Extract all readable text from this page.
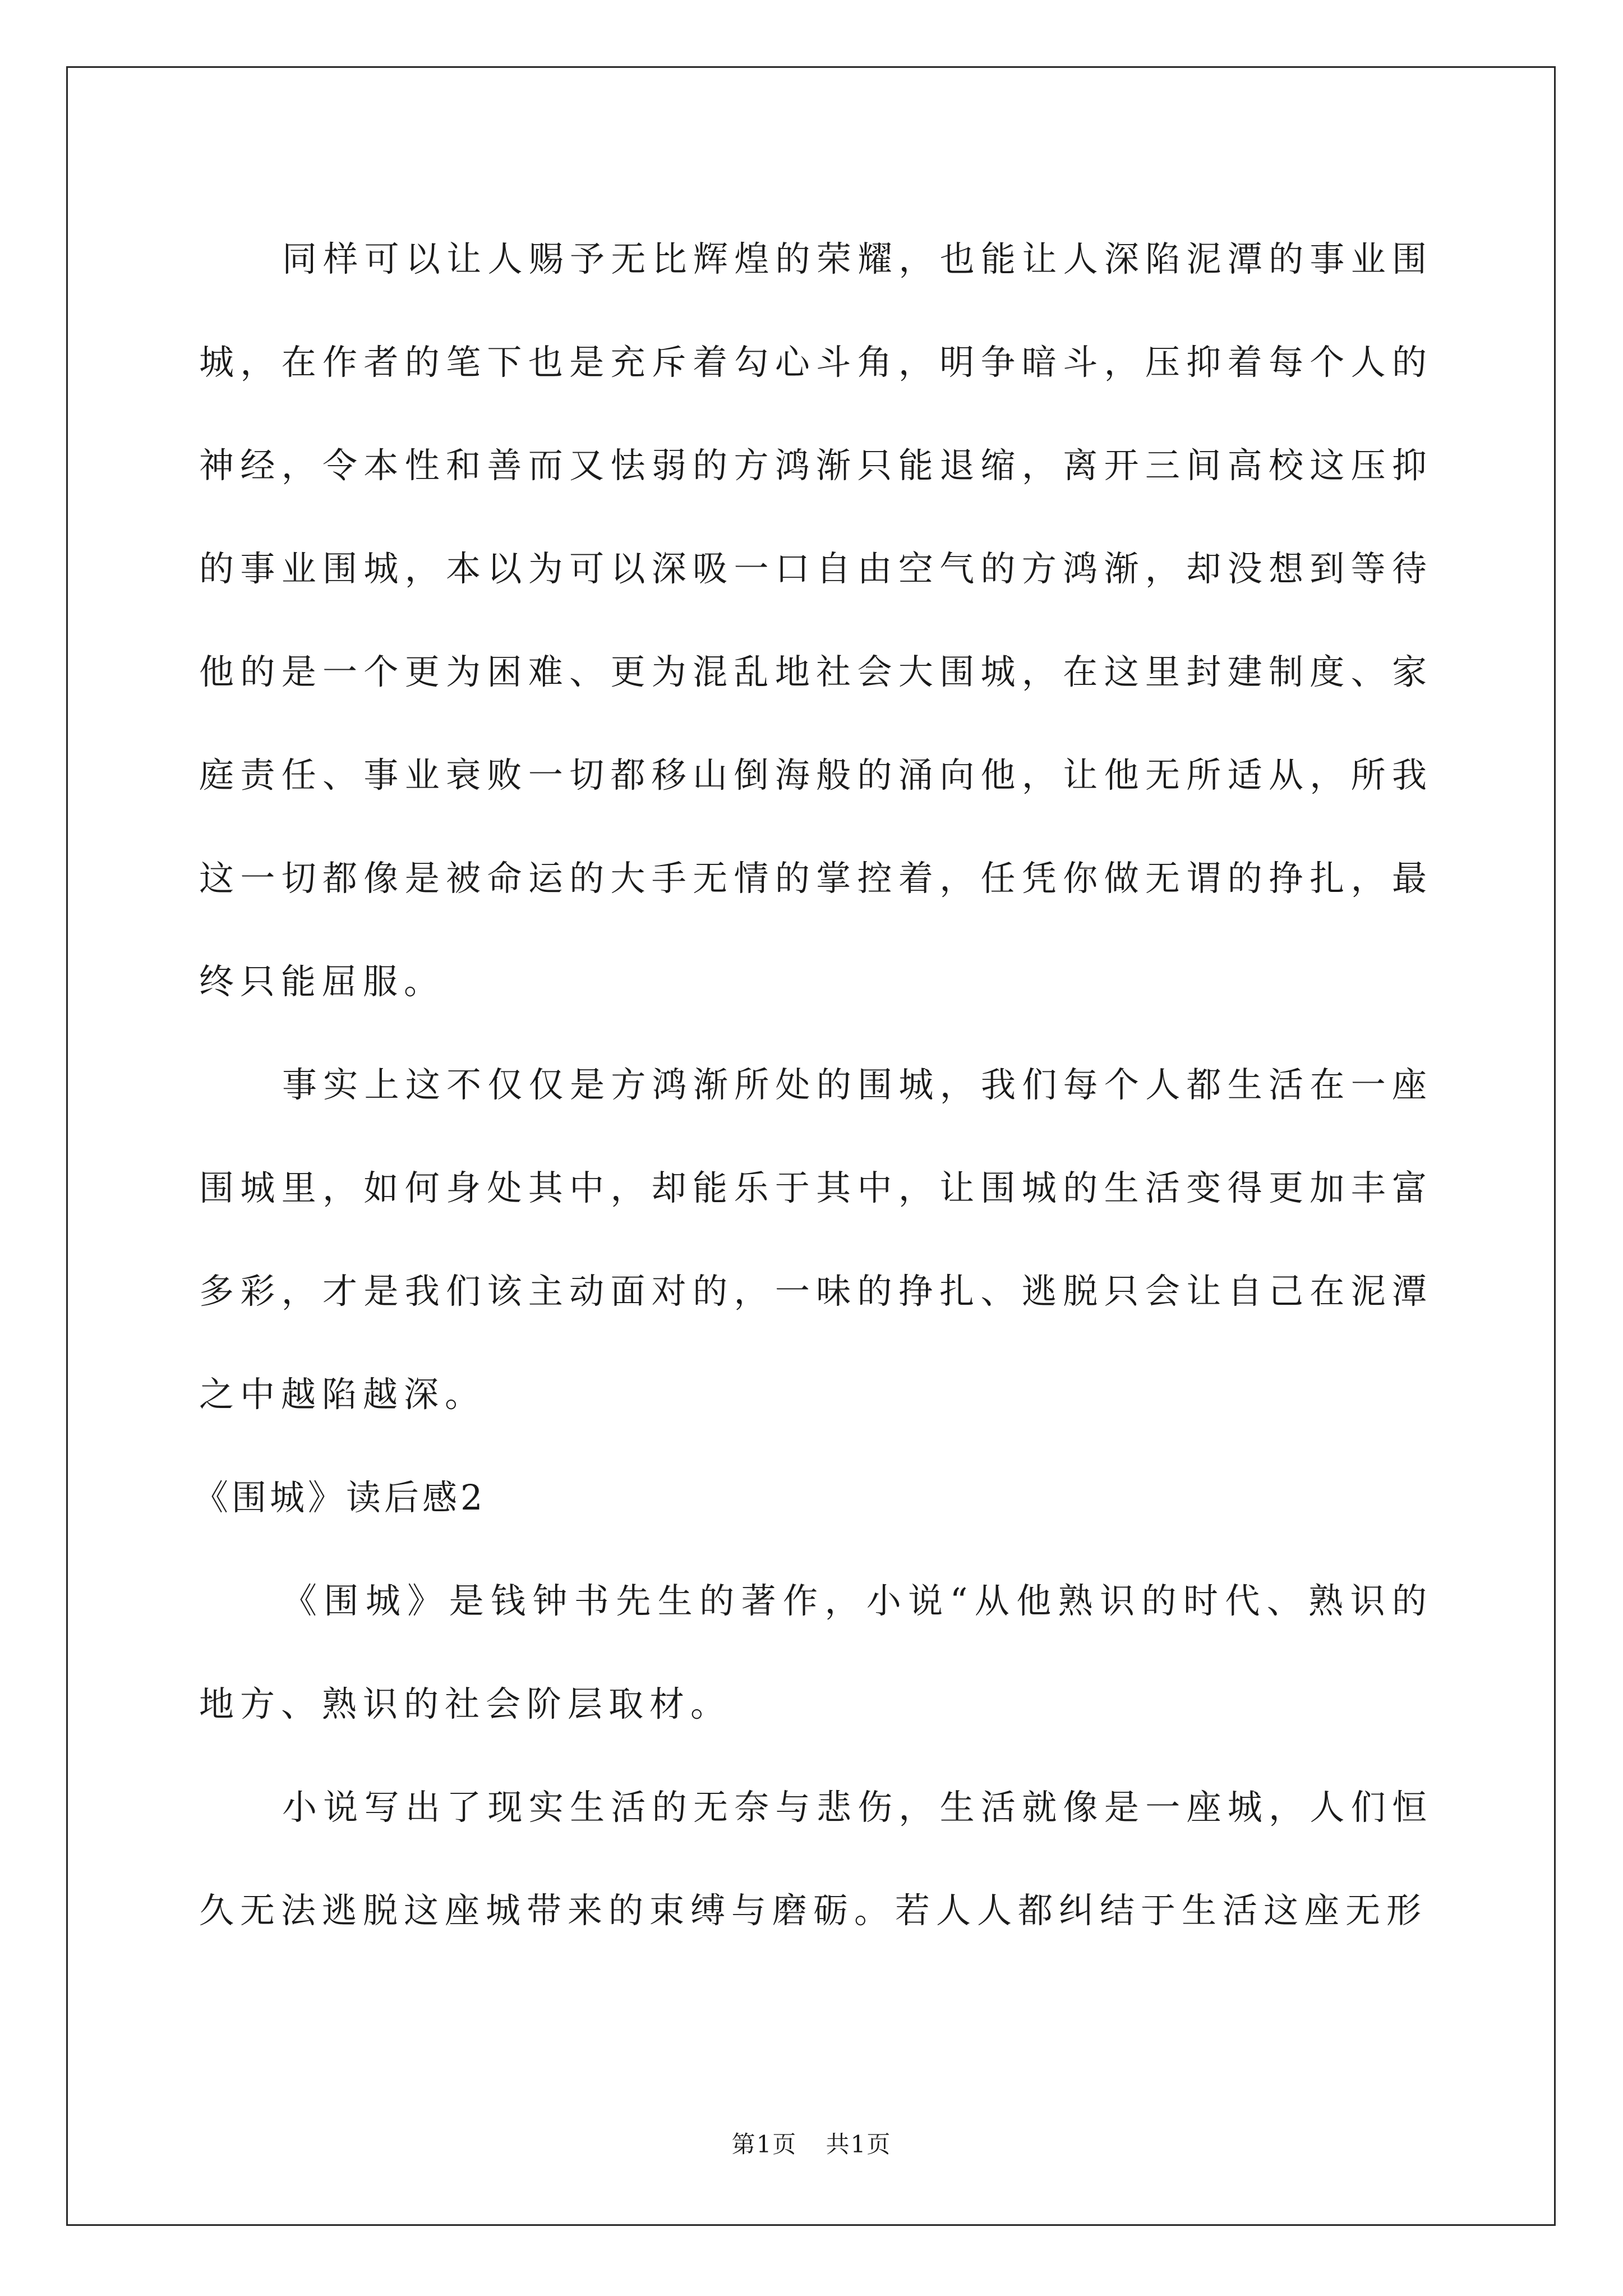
同样可以让人赐予无比辉煌的荣耀，也能让人深陷泥潭的事业围城，在作者的笔下也是充斥着勾心斗角，明争暗斗，压抑着每个人的神经，令本性和善而又怯弱的方鸿渐只能退缩，离开三间高校这压抑的事业围城，本以为可以深吸一口自由空气的方鸿渐，却没想到等待他的是一个更为困难、更为混乱地社会大围城，在这里封建制度、家庭责任、事业衰败一切都移山倒海般的涌向他，让他无所适从，所我这一切都像是被命运的大手无情的掌控着，任凭你做无谓的挣扎，最终只能屈服。

事实上这不仅仅是方鸿渐所处的围城，我们每个人都生活在一座围城里，如何身处其中，却能乐于其中，让围城的生活变得更加丰富多彩，才是我们该主动面对的，一味的挣扎、逃脱只会让自己在泥潭之中越陷越深。

《围城》读后感2

《围城》是钱钟书先生的著作，小说“从他熟识的时代、熟识的地方、熟识的社会阶层取材。

小说写出了现实生活的无奈与悲伤，生活就像是一座城，人们恒久无法逃脱这座城带来的束缚与磨砺。若人人都纠结于生活这座无形

第1页 共1页
